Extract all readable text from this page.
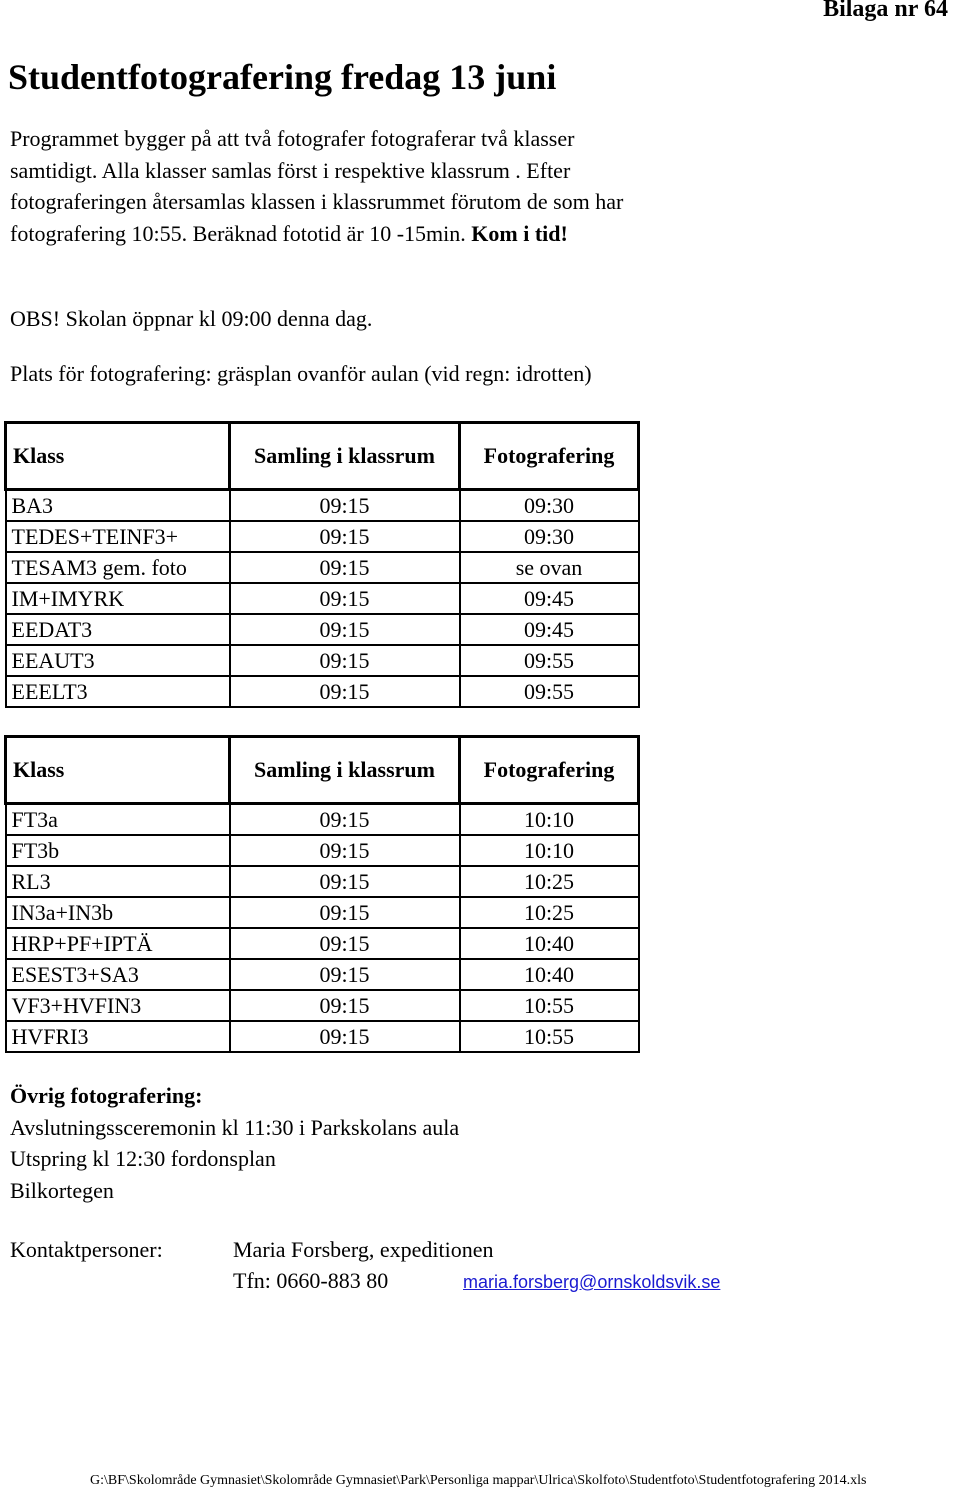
Bilaga nr 64
Studentfotografering fredag 13 juni
Programmet bygger på att två fotografer fotograferar två klasser samtidigt. Alla klasser samlas först i respektive klassrum . Efter fotograferingen återsamlas klassen i klassrummet förutom de som har fotografering 10:55. Beräknad fototid är 10 -15min. Kom i tid!
OBS! Skolan öppnar kl 09:00 denna dag.
Plats för fotografering: gräsplan ovanför aulan (vid regn: idrotten)
Klass	Samling i klassrum	Fotografering
BA3	09:15	09:30
TEDES+TEINF3+	09:15	09:30
TESAM3 gem. foto	09:15	se ovan
IM+IMYRK	09:15	09:45
EEDAT3	09:15	09:45
EEAUT3	09:15	09:55
EEELT3	09:15	09:55
Klass	Samling i klassrum	Fotografering
FT3a	09:15	10:10
FT3b	09:15	10:10
RL3	09:15	10:25
IN3a+IN3b	09:15	10:25
HRP+PF+IPTÄ	09:15	10:40
ESEST3+SA3	09:15	10:40
VF3+HVFIN3	09:15	10:55
HVFRI3	09:15	10:55
Övrig fotografering:
Avslutningssceremonin kl 11:30 i Parkskolans aula
Utspring kl 12:30 fordonsplan
Bilkortegen
Kontaktpersoner:	Maria Forsberg, expeditionen
Tfn: 0660-883 80	maria.forsberg@ornskoldsvik.se
G:\BF\Skolområde Gymnasiet\Skolområde Gymnasiet\Park\Personliga mappar\Ulrica\Skolfoto\Studentfoto\Studentfotografering 2014.xls
